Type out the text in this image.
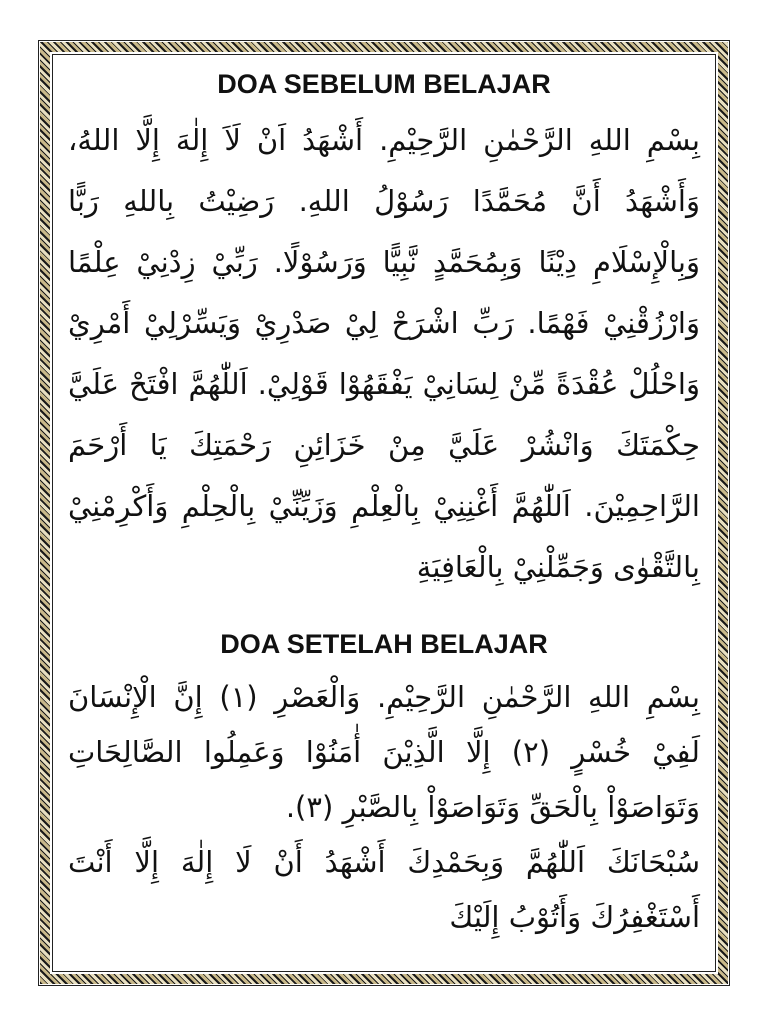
DOA SEBELUM BELAJAR

بِسْمِ اللهِ الرَّحْمٰنِ الرَّحِيْمِ. أَشْهَدُ اَنْ لَاَ إِلٰهَ إِلَّا اللهُ، وَأَشْهَدُ أَنَّ مُحَمَّدًا رَسُوْلُ اللهِ. رَضِيْتُ بِاللهِ رَبًّا وَبِالْإِسْلَامِ دِيْنًا وَبِمُحَمَّدٍ نَّبِيًّا وَرَسُوْلًا. رَبِّيْ زِدْنِيْ عِلْمًا وَارْزُقْنِيْ فَهْمًا. رَبِّ اشْرَحْ لِيْ صَدْرِيْ وَيَسِّرْلِيْ أَمْرِيْ وَاحْلُلْ عُقْدَةً مِّنْ لِسَانِيْ يَفْقَهُوْا قَوْلِيْ. اَللّٰهُمَّ افْتَحْ عَلَيَّ حِكْمَتَكَ وَانْشُرْ عَلَيَّ مِنْ خَزَائِنِ رَحْمَتِكَ يَا أَرْحَمَ الرَّاحِمِيْنَ. اَللّٰهُمَّ أَغْنِنِيْ بِالْعِلْمِ وَزَيِّنِّيْ بِالْحِلْمِ وَأَكْرِمْنِيْ بِالتَّقْوٰى وَجَمِّلْنِيْ بِالْعَافِيَةِ

DOA SETELAH BELAJAR

بِسْمِ اللهِ الرَّحْمٰنِ الرَّحِيْمِ. وَالْعَصْرِ (١) إِنَّ الْإِنْسَانَ لَفِيْ خُسْرٍ (٢) إِلَّا الَّذِيْنَ أٰمَنُوْا وَعَمِلُوا الصَّالِحَاتِ وَتَوَاصَوْاْ بِالْحَقِّ وَتَوَاصَوْاْ بِالصَّبْرِ (٣).

سُبْحَانَكَ اَللّٰهُمَّ وَبِحَمْدِكَ أَشْهَدُ أَنْ لَا إِلٰهَ إِلَّا أَنْتَ أَسْتَغْفِرُكَ وَأَتُوْبُ إِلَيْكَ
